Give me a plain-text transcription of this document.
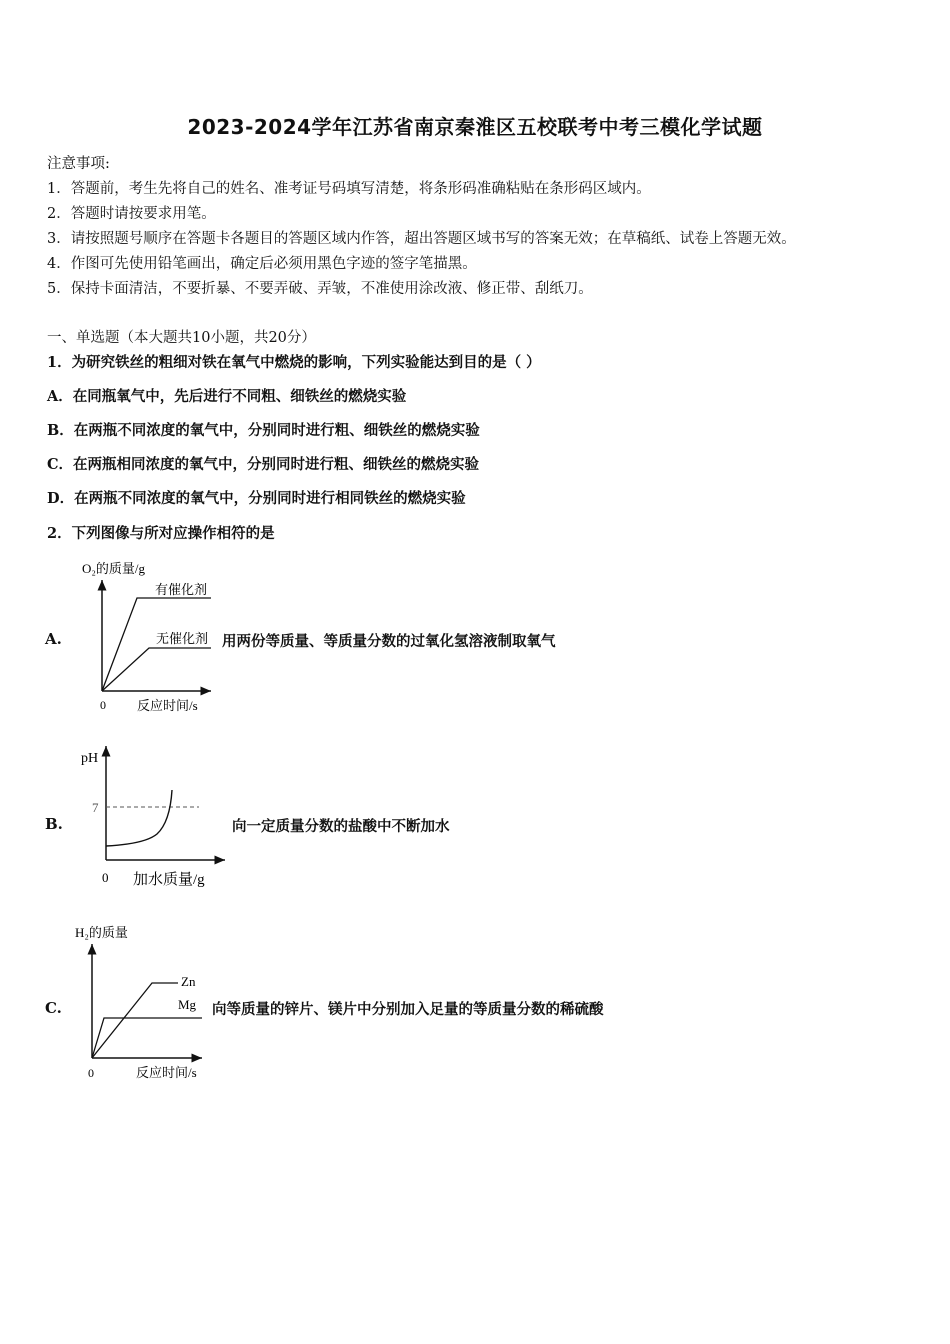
2023-2024学年江苏省南京秦淮区五校联考中考三模化学试题
注意事项:
1．答题前，考生先将自己的姓名、准考证号码填写清楚，将条形码准确粘贴在条形码区域内。
2．答题时请按要求用笔。
3．请按照题号顺序在答题卡各题目的答题区域内作答，超出答题区域书写的答案无效；在草稿纸、试卷上答题无效。
4．作图可先使用铅笔画出，确定后必须用黑色字迹的签字笔描黑。
5．保持卡面清洁，不要折暴、不要弄破、弄皱，不准使用涂改液、修正带、刮纸刀。
一、单选题（本大题共10小题，共20分）
1．为研究铁丝的粗细对铁在氧气中燃烧的影响，下列实验能达到目的是（ ）
A．在同瓶氧气中，先后进行不同粗、细铁丝的燃烧实验
B．在两瓶不同浓度的氧气中，分别同时进行粗、细铁丝的燃烧实验
C．在两瓶相同浓度的氧气中，分别同时进行粗、细铁丝的燃烧实验
D．在两瓶不同浓度的氧气中，分别同时进行相同铁丝的燃烧实验
2．下列图像与所对应操作相符的是
A.
O₂的质量/g
0 反应时间/s
有催化剂
无催化剂 用两份等质量、等质量分数的过氧化氢溶液制取氧气
B.
pH
0 加水质量/g
7
向一定质量分数的盐酸中不断加水
C.
H₂的质量
0	反应时间/s
Zn
Mg 向等质量的锌片、镁片中分别加入足量的等质量分数的稀硫酸
